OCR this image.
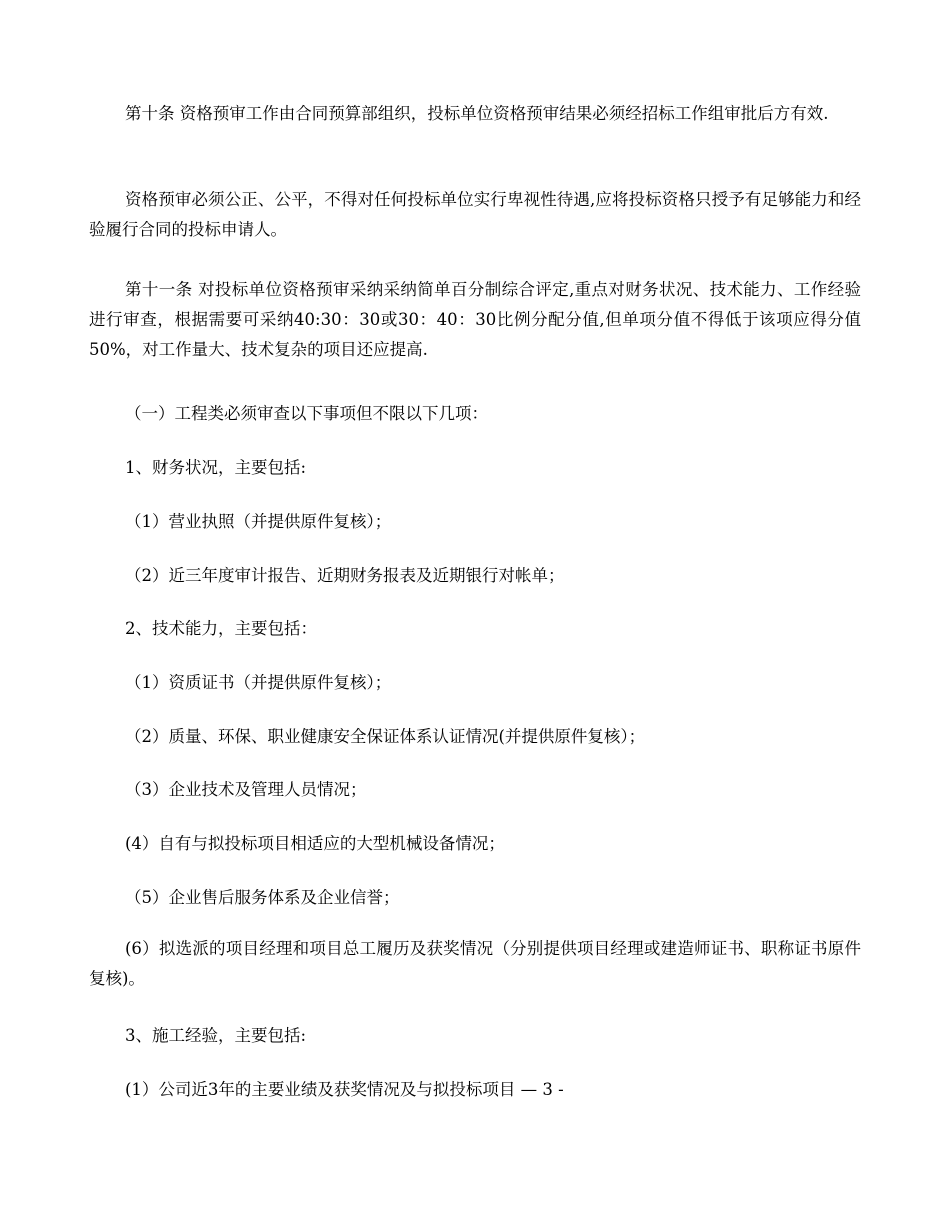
第十条 资格预审工作由合同预算部组织，投标单位资格预审结果必须经招标工作组审批后方有效.

资格预审必须公正、公平，不得对任何投标单位实行卑视性待遇,应将投标资格只授予有足够能力和经验履行合同的投标申请人。

第十一条 对投标单位资格预审采纳采纳简单百分制综合评定,重点对财务状况、技术能力、工作经验进行审查，根据需要可采纳40:30：30或30：40：30比例分配分值,但单项分值不得低于该项应得分值50%，对工作量大、技术复杂的项目还应提高.

（一）工程类必须审查以下事项但不限以下几项：

1、财务状况，主要包括:

（1）营业执照（并提供原件复核）；

（2）近三年度审计报告、近期财务报表及近期银行对帐单；

2、技术能力，主要包括：

（1）资质证书（并提供原件复核）；

（2）质量、环保、职业健康安全保证体系认证情况(并提供原件复核）；

（3）企业技术及管理人员情况；

(4）自有与拟投标项目相适应的大型机械设备情况；

（5）企业售后服务体系及企业信誉；

(6）拟选派的项目经理和项目总工履历及获奖情况（分别提供项目经理或建造师证书、职称证书原件复核)。

3、施工经验，主要包括:

(1）公司近3年的主要业绩及获奖情况及与拟投标项目 — 3 -
